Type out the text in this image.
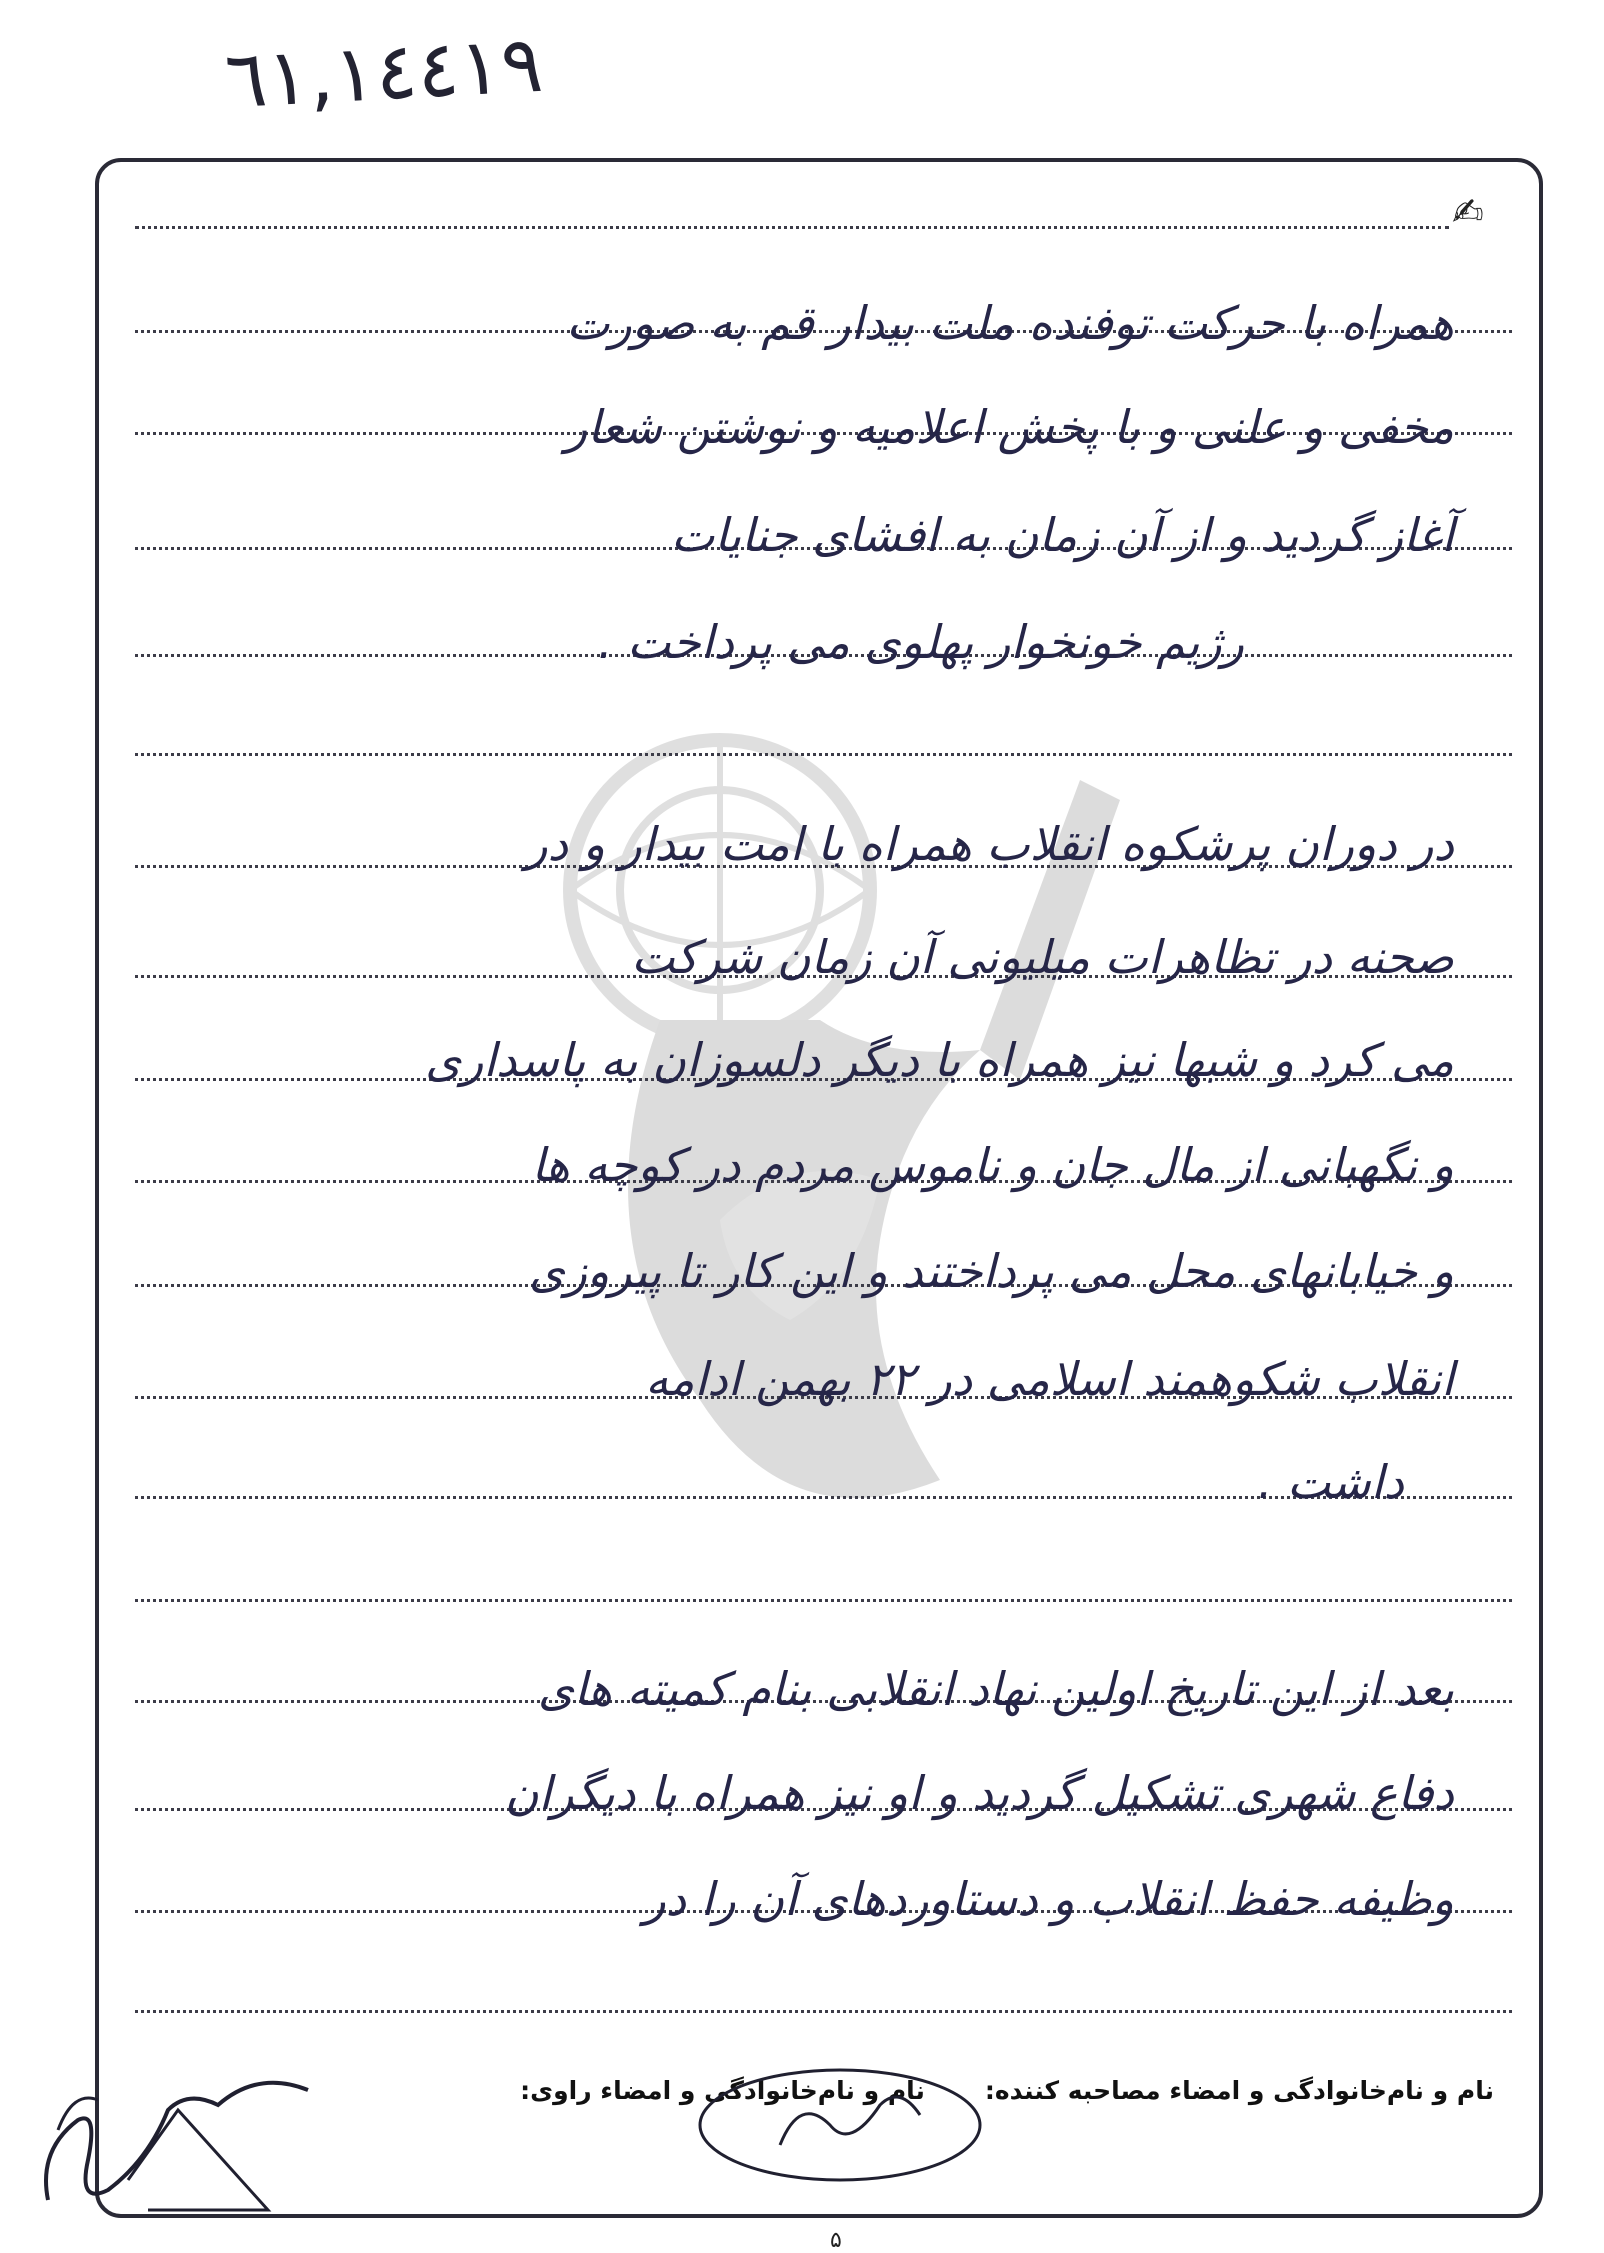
٦١,١٤٤١٩
✍
همراه با حرکت توفنده ملت بیدار قم به صورت
مخفی و علنی و با پخش اعلامیه و نوشتن شعار
آغاز گردید و از آن زمان به افشای جنایات
رژیم خونخوار پهلوی می پرداخت .
در دوران پرشکوه انقلاب همراه با امت بیدار و در
صحنه در تظاهرات میلیونی آن زمان شرکت
می کرد و شبها نیز همراه با دیگر دلسوزان به پاسداری
و نگهبانی از مال جان و ناموس مردم در کوچه ها
و خیابانهای محل می پرداختند و این کار تا پیروزی
انقلاب شکوهمند اسلامی در ۲۲ بهمن ادامه
داشت .
بعد از این تاریخ اولین نهاد انقلابی بنام کمیته های
دفاع شهری تشکیل گردید و او نیز همراه با دیگران
وظیفه حفظ انقلاب و دستاوردهای آن را در
نام و نام‌خانوادگی و امضاء مصاحبه کننده:
نام و نام‌خانوادگی و امضاء راوی:
۵
